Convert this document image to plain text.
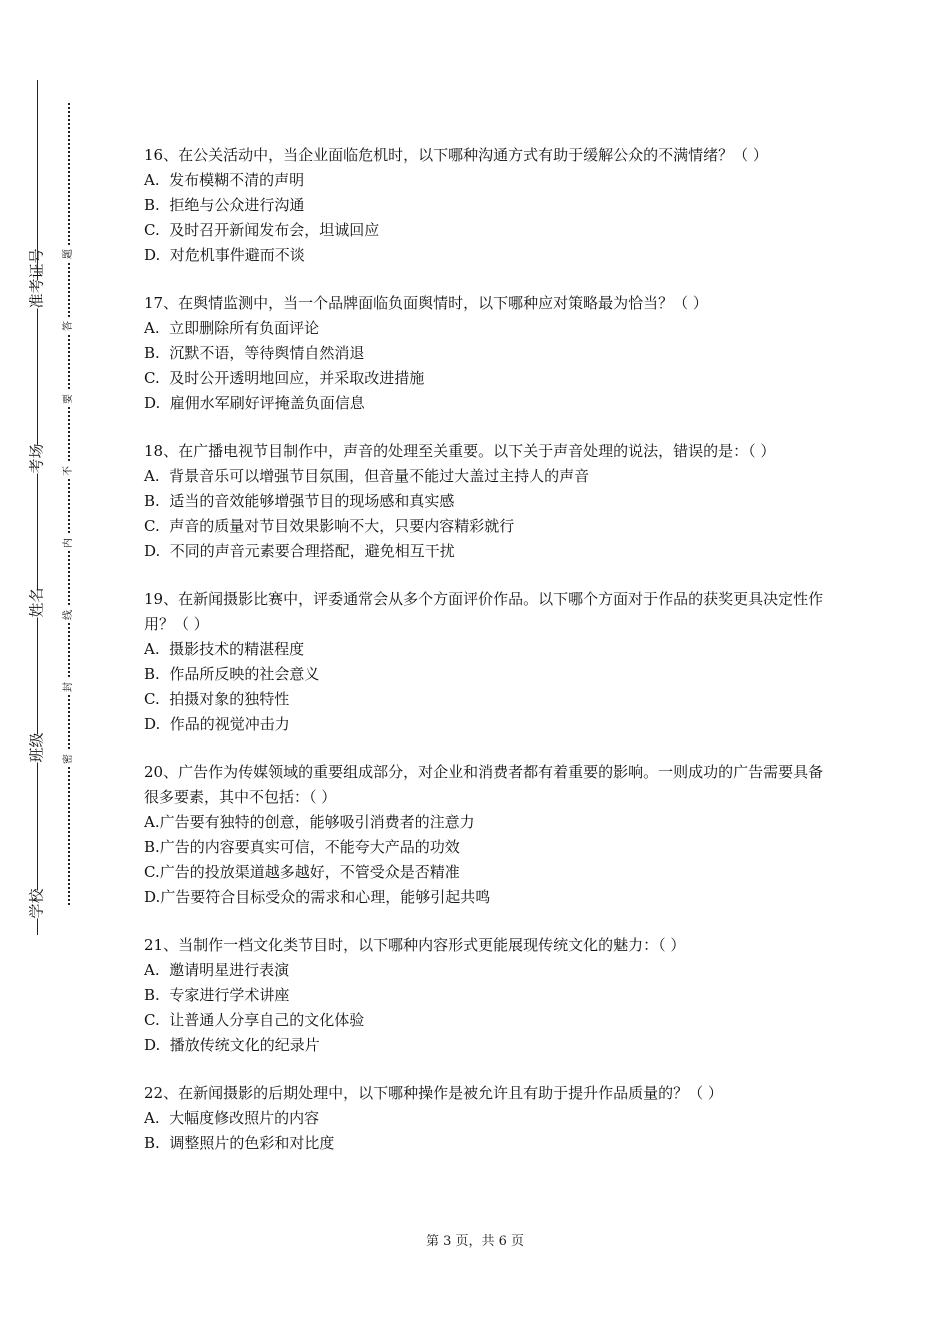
准考证号
考场
姓名
班级
学校
题
答
要
不
内
线
封
密
16、在公关活动中，当企业面临危机时，以下哪种沟通方式有助于缓解公众的不满情绪？（ ）
A.  发布模糊不清的声明
B.  拒绝与公众进行沟通
C.  及时召开新闻发布会，坦诚回应
D.  对危机事件避而不谈
17、在舆情监测中，当一个品牌面临负面舆情时，以下哪种应对策略最为恰当？（ ）
A.  立即删除所有负面评论
B.  沉默不语，等待舆情自然消退
C.  及时公开透明地回应，并采取改进措施
D.  雇佣水军刷好评掩盖负面信息
18、在广播电视节目制作中，声音的处理至关重要。以下关于声音处理的说法，错误的是：（ ）
A.  背景音乐可以增强节目氛围，但音量不能过大盖过主持人的声音
B.  适当的音效能够增强节目的现场感和真实感
C.  声音的质量对节目效果影响不大，只要内容精彩就行
D.  不同的声音元素要合理搭配，避免相互干扰
19、在新闻摄影比赛中，评委通常会从多个方面评价作品。以下哪个方面对于作品的获奖更具决定性作用？（ ）
A.  摄影技术的精湛程度
B.  作品所反映的社会意义
C.  拍摄对象的独特性
D.  作品的视觉冲击力
20、广告作为传媒领域的重要组成部分，对企业和消费者都有着重要的影响。一则成功的广告需要具备很多要素，其中不包括：（ ）
A.广告要有独特的创意，能够吸引消费者的注意力
B.广告的内容要真实可信，不能夸大产品的功效
C.广告的投放渠道越多越好，不管受众是否精准
D.广告要符合目标受众的需求和心理，能够引起共鸣
21、当制作一档文化类节目时，以下哪种内容形式更能展现传统文化的魅力：（ ）
A.  邀请明星进行表演
B.  专家进行学术讲座
C.  让普通人分享自己的文化体验
D.  播放传统文化的纪录片
22、在新闻摄影的后期处理中，以下哪种操作是被允许且有助于提升作品质量的？（ ）
A.  大幅度修改照片的内容
B.  调整照片的色彩和对比度
第 3 页，共 6 页
